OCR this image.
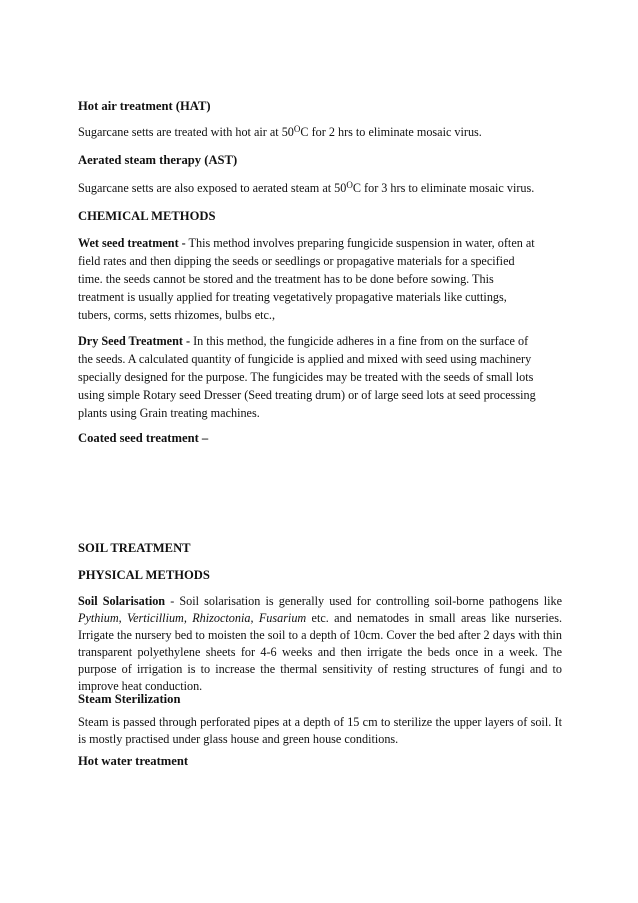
Hot air treatment (HAT)
Sugarcane setts are treated with hot air at $50^OC$ for 2 hrs to eliminate mosaic virus.
Aerated steam therapy (AST)
Sugarcane setts are also exposed to aerated steam at $50^OC$ for 3 hrs to eliminate mosaic virus.
CHEMICAL METHODS
Wet seed treatment - This method involves preparing fungicide suspension in water, often at
field rates and then dipping the seeds or seedlings or propagative materials for a specified
time. the seeds cannot be stored and the treatment has to be done before sowing. This
treatment is usually applied for treating vegetatively propagative materials like cuttings,
tubers, corms, setts rhizomes, bulbs etc.,
Dry Seed Treatment - In this method, the fungicide adheres in a fine from on the surface of
the seeds. A calculated quantity of fungicide is applied and mixed with seed using machinery
specially designed for the purpose. The fungicides may be treated with the seeds of small lots
using simple Rotary seed Dresser (Seed treating drum) or of large seed lots at seed processing
plants using Grain treating machines.
Coated seed treatment –
SOIL TREATMENT
PHYSICAL METHODS
Soil Solarisation - Soil solarisation is generally used for controlling soil-borne pathogens like Pythium, Verticillium, Rhizoctonia, Fusarium etc. and nematodes in small areas like nurseries. Irrigate the nursery bed to moisten the soil to a depth of 10cm. Cover the bed after 2 days with thin transparent polyethylene sheets for 4-6 weeks and then irrigate the beds once in a week. The purpose of irrigation is to increase the thermal sensitivity of resting structures of fungi and to improve heat conduction.
Steam Sterilization
Steam is passed through perforated pipes at a depth of 15 cm to sterilize the upper layers of soil. It is mostly practised under glass house and green house conditions.
Hot water treatment
